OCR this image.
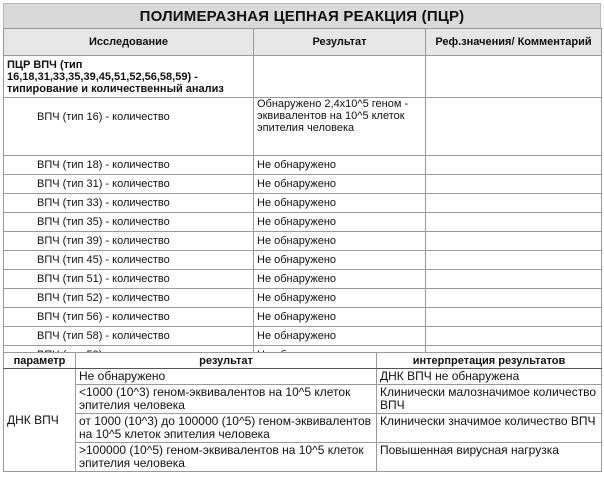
ПОЛИМЕРАЗНАЯ ЦЕПНАЯ РЕАКЦИЯ (ПЦР)
Исследование	Результат	Реф.значения/ Комментарий
ПЦР ВПЧ (тип 16,18,31,33,35,39,45,51,52,56,58,59) - типирование и количественный анализ		
ВПЧ (тип 16) - количество	Обнаружено 2,4x10^5 геном - эквивалентов на 10^5 клеток эпителия человека	
ВПЧ (тип 18) - количество	Не обнаружено	
ВПЧ (тип 31) - количество	Не обнаружено	
ВПЧ (тип 33) - количество	Не обнаружено	
ВПЧ (тип 35) - количество	Не обнаружено	
ВПЧ (тип 39) - количество	Не обнаружено	
ВПЧ (тип 45) - количество	Не обнаружено	
ВПЧ (тип 51) - количество	Не обнаружено	
ВПЧ (тип 52) - количество	Не обнаружено	
ВПЧ (тип 56) - количество	Не обнаружено	
ВПЧ (тип 58) - количество	Не обнаружено	

параметр	результат	интерпретация результатов
ДНК ВПЧ	Не обнаружено	ДНК ВПЧ не обнаружена
	<1000 (10^3) геном-эквивалентов на 10^5 клеток эпителия человека	Клинически малозначимое количество ВПЧ
	от 1000 (10^3) до 100000 (10^5) геном-эквивалентов на 10^5 клеток эпителия человека	Клинически значимое количество ВПЧ
	>100000 (10^5) геном-эквивалентов на 10^5 клеток эпителия человека	Повышенная вирусная нагрузка
